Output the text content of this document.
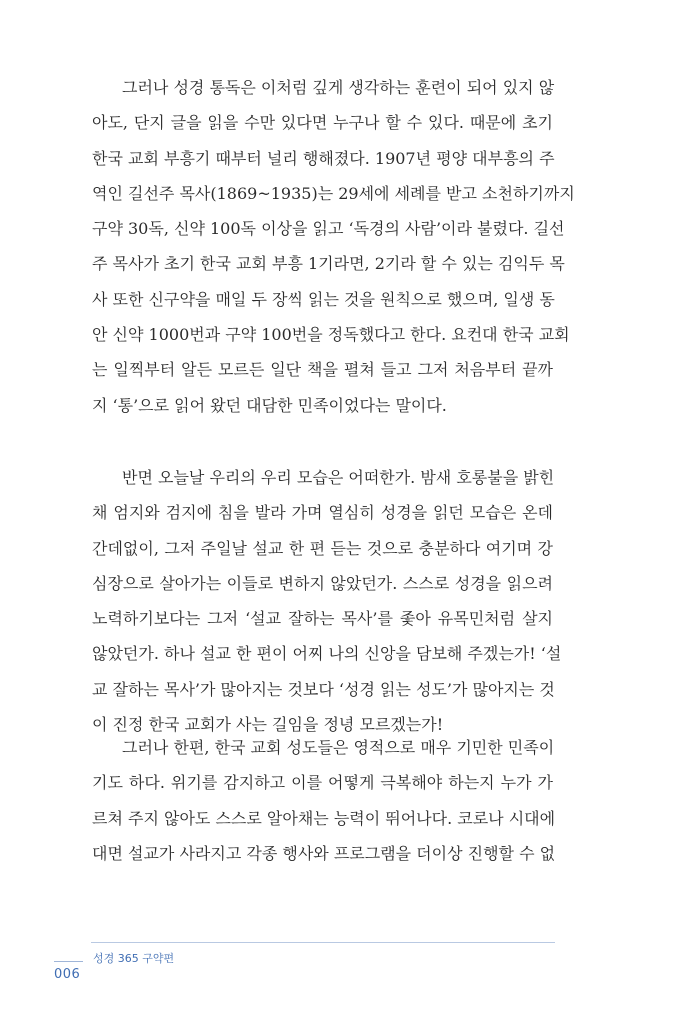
그러나 성경 통독은 이처럼 깊게 생각하는 훈련이 되어 있지 않
아도, 단지 글을 읽을 수만 있다면 누구나 할 수 있다. 때문에 초기
한국 교회 부흥기 때부터 널리 행해졌다. 1907년 평양 대부흥의 주
역인 길선주 목사(1869~1935)는 29세에 세례를 받고 소천하기까지
구약 30독, 신약 100독 이상을 읽고 ‘독경의 사람’이라 불렸다. 길선
주 목사가 초기 한국 교회 부흥 1기라면, 2기라 할 수 있는 김익두 목
사 또한 신구약을 매일 두 장씩 읽는 것을 원칙으로 했으며, 일생 동
안 신약 1000번과 구약 100번을 정독했다고 한다. 요컨대 한국 교회
는 일찍부터 알든 모르든 일단 책을 펼쳐 들고 그저 처음부터 끝까
지 ‘통’으로 읽어 왔던 대담한 민족이었다는 말이다.
반면 오늘날 우리의 우리 모습은 어떠한가. 밤새 호롱불을 밝힌
채 엄지와 검지에 침을 발라 가며 열심히 성경을 읽던 모습은 온데
간데없이, 그저 주일날 설교 한 편 듣는 것으로 충분하다 여기며 강
심장으로 살아가는 이들로 변하지 않았던가. 스스로 성경을 읽으려
노력하기보다는 그저 ‘설교 잘하는 목사’를 좇아 유목민처럼 살지
않았던가. 하나 설교 한 편이 어찌 나의 신앙을 담보해 주겠는가! ‘설
교 잘하는 목사’가 많아지는 것보다 ‘성경 읽는 성도’가 많아지는 것
이 진정 한국 교회가 사는 길임을 정녕 모르겠는가!
그러나 한편, 한국 교회 성도들은 영적으로 매우 기민한 민족이
기도 하다. 위기를 감지하고 이를 어떻게 극복해야 하는지 누가 가
르쳐 주지 않아도 스스로 알아채는 능력이 뛰어나다. 코로나 시대에
대면 설교가 사라지고 각종 행사와 프로그램을 더이상 진행할 수 없
성경 365 구약편
006
